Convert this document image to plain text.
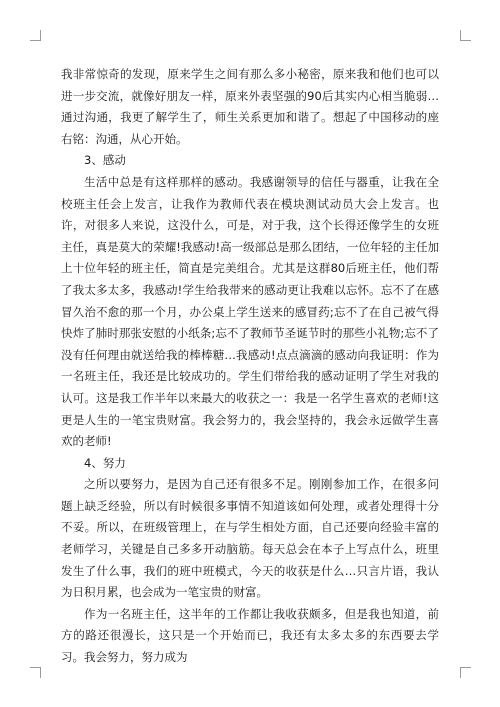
我非常惊奇的发现，原来学生之间有那么多小秘密，原来我和他们也可以进一步交流，就像好朋友一样，原来外表坚强的90后其实内心相当脆弱…通过沟通，我更了解学生了，师生关系更加和谐了。想起了中国移动的座右铭：沟通，从心开始。

3、感动

生活中总是有这样那样的感动。我感谢领导的信任与器重，让我在全校班主任会上发言，让我作为教师代表在模块测试动员大会上发言。也许，对很多人来说，这没什么，可是，对于我，这个长得还像学生的女班主任，真是莫大的荣耀!我感动!高一级部总是那么团结，一位年轻的主任加上十位年轻的班主任，简直是完美组合。尤其是这群80后班主任，他们帮了我太多太多，我感动!学生给我带来的感动更让我难以忘怀。忘不了在感冒久治不愈的那一个月，办公桌上学生送来的感冒药;忘不了在自己被气得快炸了肺时那张安慰的小纸条;忘不了教师节圣诞节时的那些小礼物;忘不了没有任何理由就送给我的棒棒糖…我感动!点点滴滴的感动向我证明：作为一名班主任，我还是比较成功的。学生们带给我的感动证明了学生对我的认可。这是我工作半年以来最大的收获之一：我是一名学生喜欢的老师!这更是人生的一笔宝贵财富。我会努力的，我会坚持的，我会永远做学生喜欢的老师!

4、努力

之所以要努力，是因为自己还有很多不足。刚刚参加工作，在很多问题上缺乏经验，所以有时候很多事情不知道该如何处理，或者处理得十分不妥。所以，在班级管理上，在与学生相处方面，自己还要向经验丰富的老师学习，关键是自己多多开动脑筋。每天总会在本子上写点什么，班里发生了什么事，我们的班中班模式，今天的收获是什么…只言片语，我认为日积月累，也会成为一笔宝贵的财富。

作为一名班主任，这半年的工作都让我收获颇多，但是我也知道，前方的路还很漫长，这只是一个开始而已，我还有太多太多的东西要去学习。我会努力，努力成为
